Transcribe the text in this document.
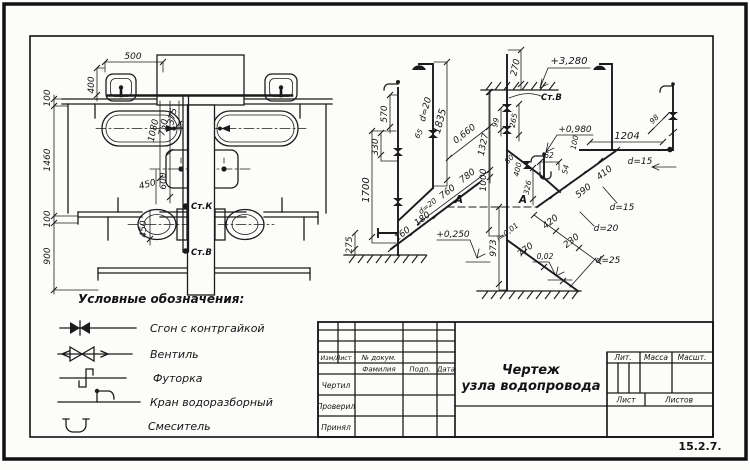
500
400
100
1460
100
900
1080
750
375
600
450
450
Ст.К
Ст.В
570
330
65
d=20
1835 0,660
1327
1700
275
160
180
d=20
760
780
270	+3,280
Ст.В
99 265
+0,980
100
62
80
400
326
54
1000
973
+0,250
A	A
i=0,01
770 0,02
230
420
590
410
d=15
d=20
d=25
1204
98
d=15
Условные обозначения:
Сгон с контргайкой
Вентиль
Футорка
Кран водоразборный
Смеситель
Изм/Лист № докум.
Фамилия Подп. Дата
Чертил
Проверил
Принял
Чертеж
узла водопровода
Лит. Масса Масшт.
Лист	Листов
15.2.7.
